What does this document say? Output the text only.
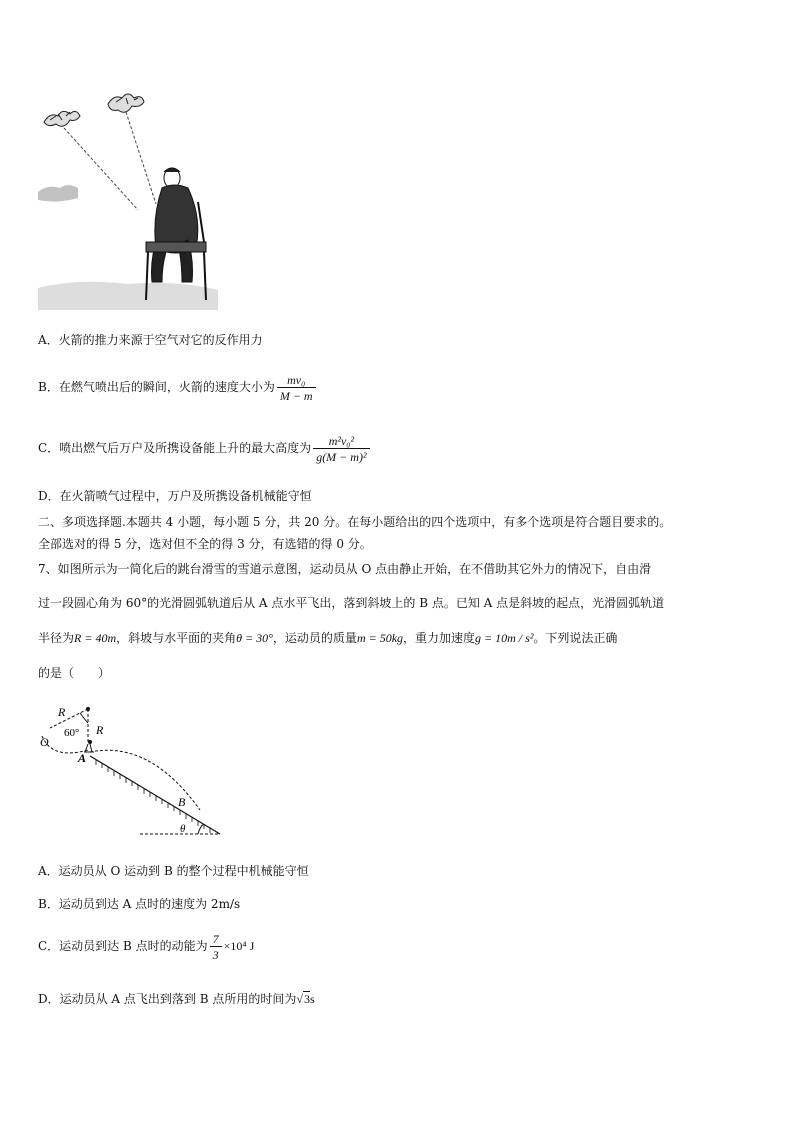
A．火箭的推力来源于空气对它的反作用力
B．在燃气喷出后的瞬间，火箭的速度大小为 $\frac{\text{mv₀}}{M - m}$
C．喷出燃气后万户及所携设备能上升的最大高度为 $\frac{\text{m²v₀²}}{\text{g(M − m)²}}$
D．在火箭喷气过程中，万户及所携设备机械能守恒
二、多项选择题.本题共 4 小题，每小题 5 分，共 20 分。在每小题给出的四个选项中，有多个选项是符合题目要求的。
全部选对的得 5 分，选对但不全的得 3 分，有选错的得 0 分。
7、如图所示为一简化后的跳台滑雪的雪道示意图，运动员从 O 点由静止开始，在不借助其它外力的情况下，自由滑
过一段圆心角为 60°的光滑圆弧轨道后从 A 点水平飞出，落到斜坡上的 B 点。已知 A 点是斜坡的起点，光滑圆弧轨道
半径为R = 40m，斜坡与水平面的夹角θ = 30°，运动员的质量m = 50kg，重力加速度g = 10m / s²。下列说法正确
的是（　　）
R
R
O
60°
A
B
θ
A．运动员从 O 运动到 B 的整个过程中机械能守恒
B．运动员到达 A 点时的速度为 2m/s
C．运动员到达 B 点时的动能为 $\frac{7}{3} \times 10^4$ J
D．运动员从 A 点飞出到落到 B 点所用的时间为√3s
